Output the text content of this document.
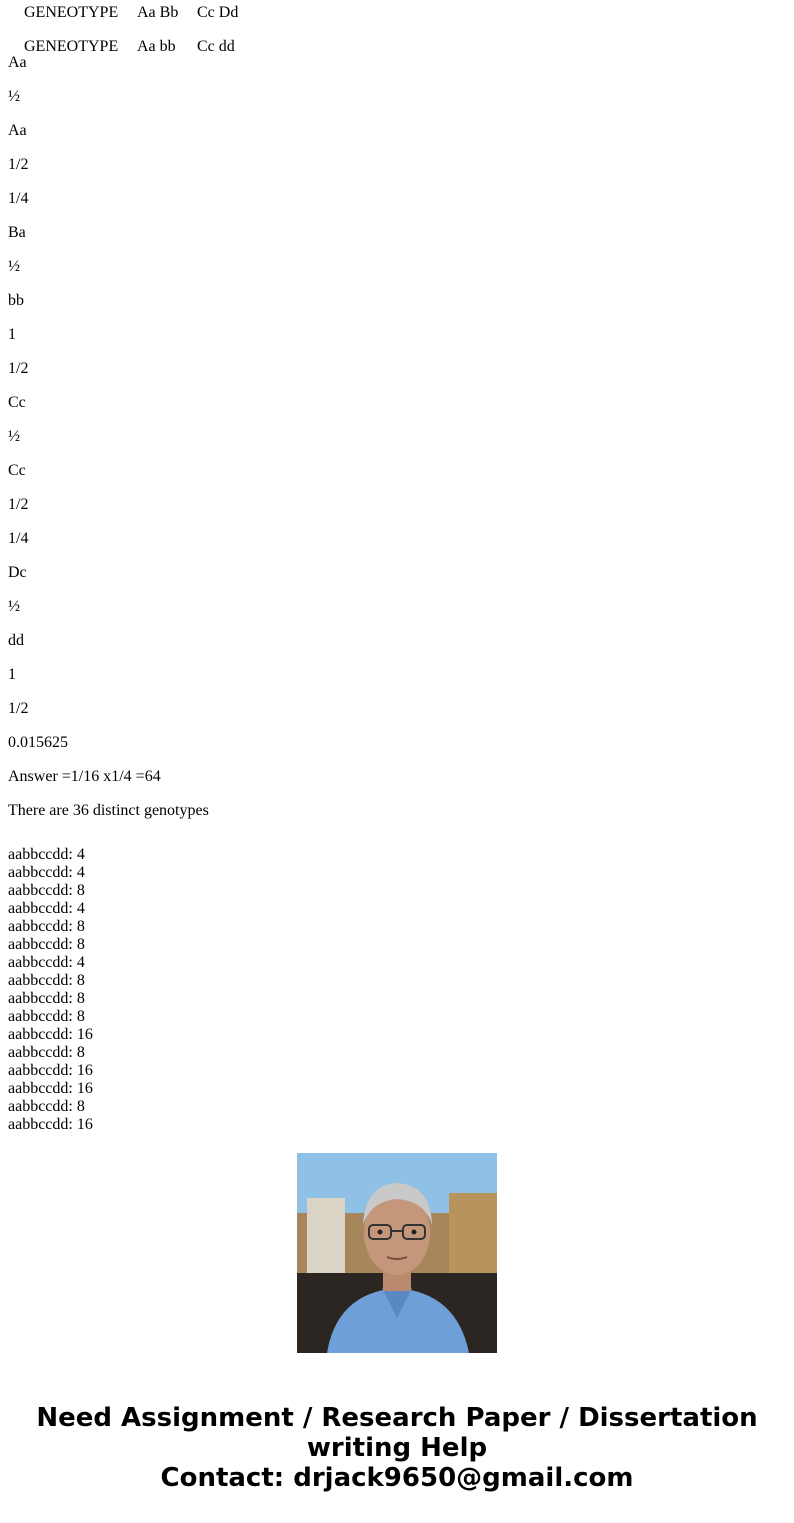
GENEOTYPE Aa Bb Cc Dd

GENEOTYPE Aa bb Cc dd

Aa
½
Aa
1/2
1/4
Ba
½
bb
1
1/2
Cc
½
Cc
1/2
1/4
Dc
½
dd
1
1/2
0.015625
Answer =1/16 x1/4 =64
There are 36 distinct genotypes
aabbccdd: 4
aabbccdd: 4
aabbccdd: 8
aabbccdd: 4
aabbccdd: 8
aabbccdd: 8
aabbccdd: 4
aabbccdd: 8
aabbccdd: 8
aabbccdd: 8
aabbccdd: 16
aabbccdd: 8
aabbccdd: 16
aabbccdd: 16
aabbccdd: 8
aabbccdd: 16
Need Assignment / Research Paper / Dissertation
writing Help
Contact: drjack9650@gmail.com
